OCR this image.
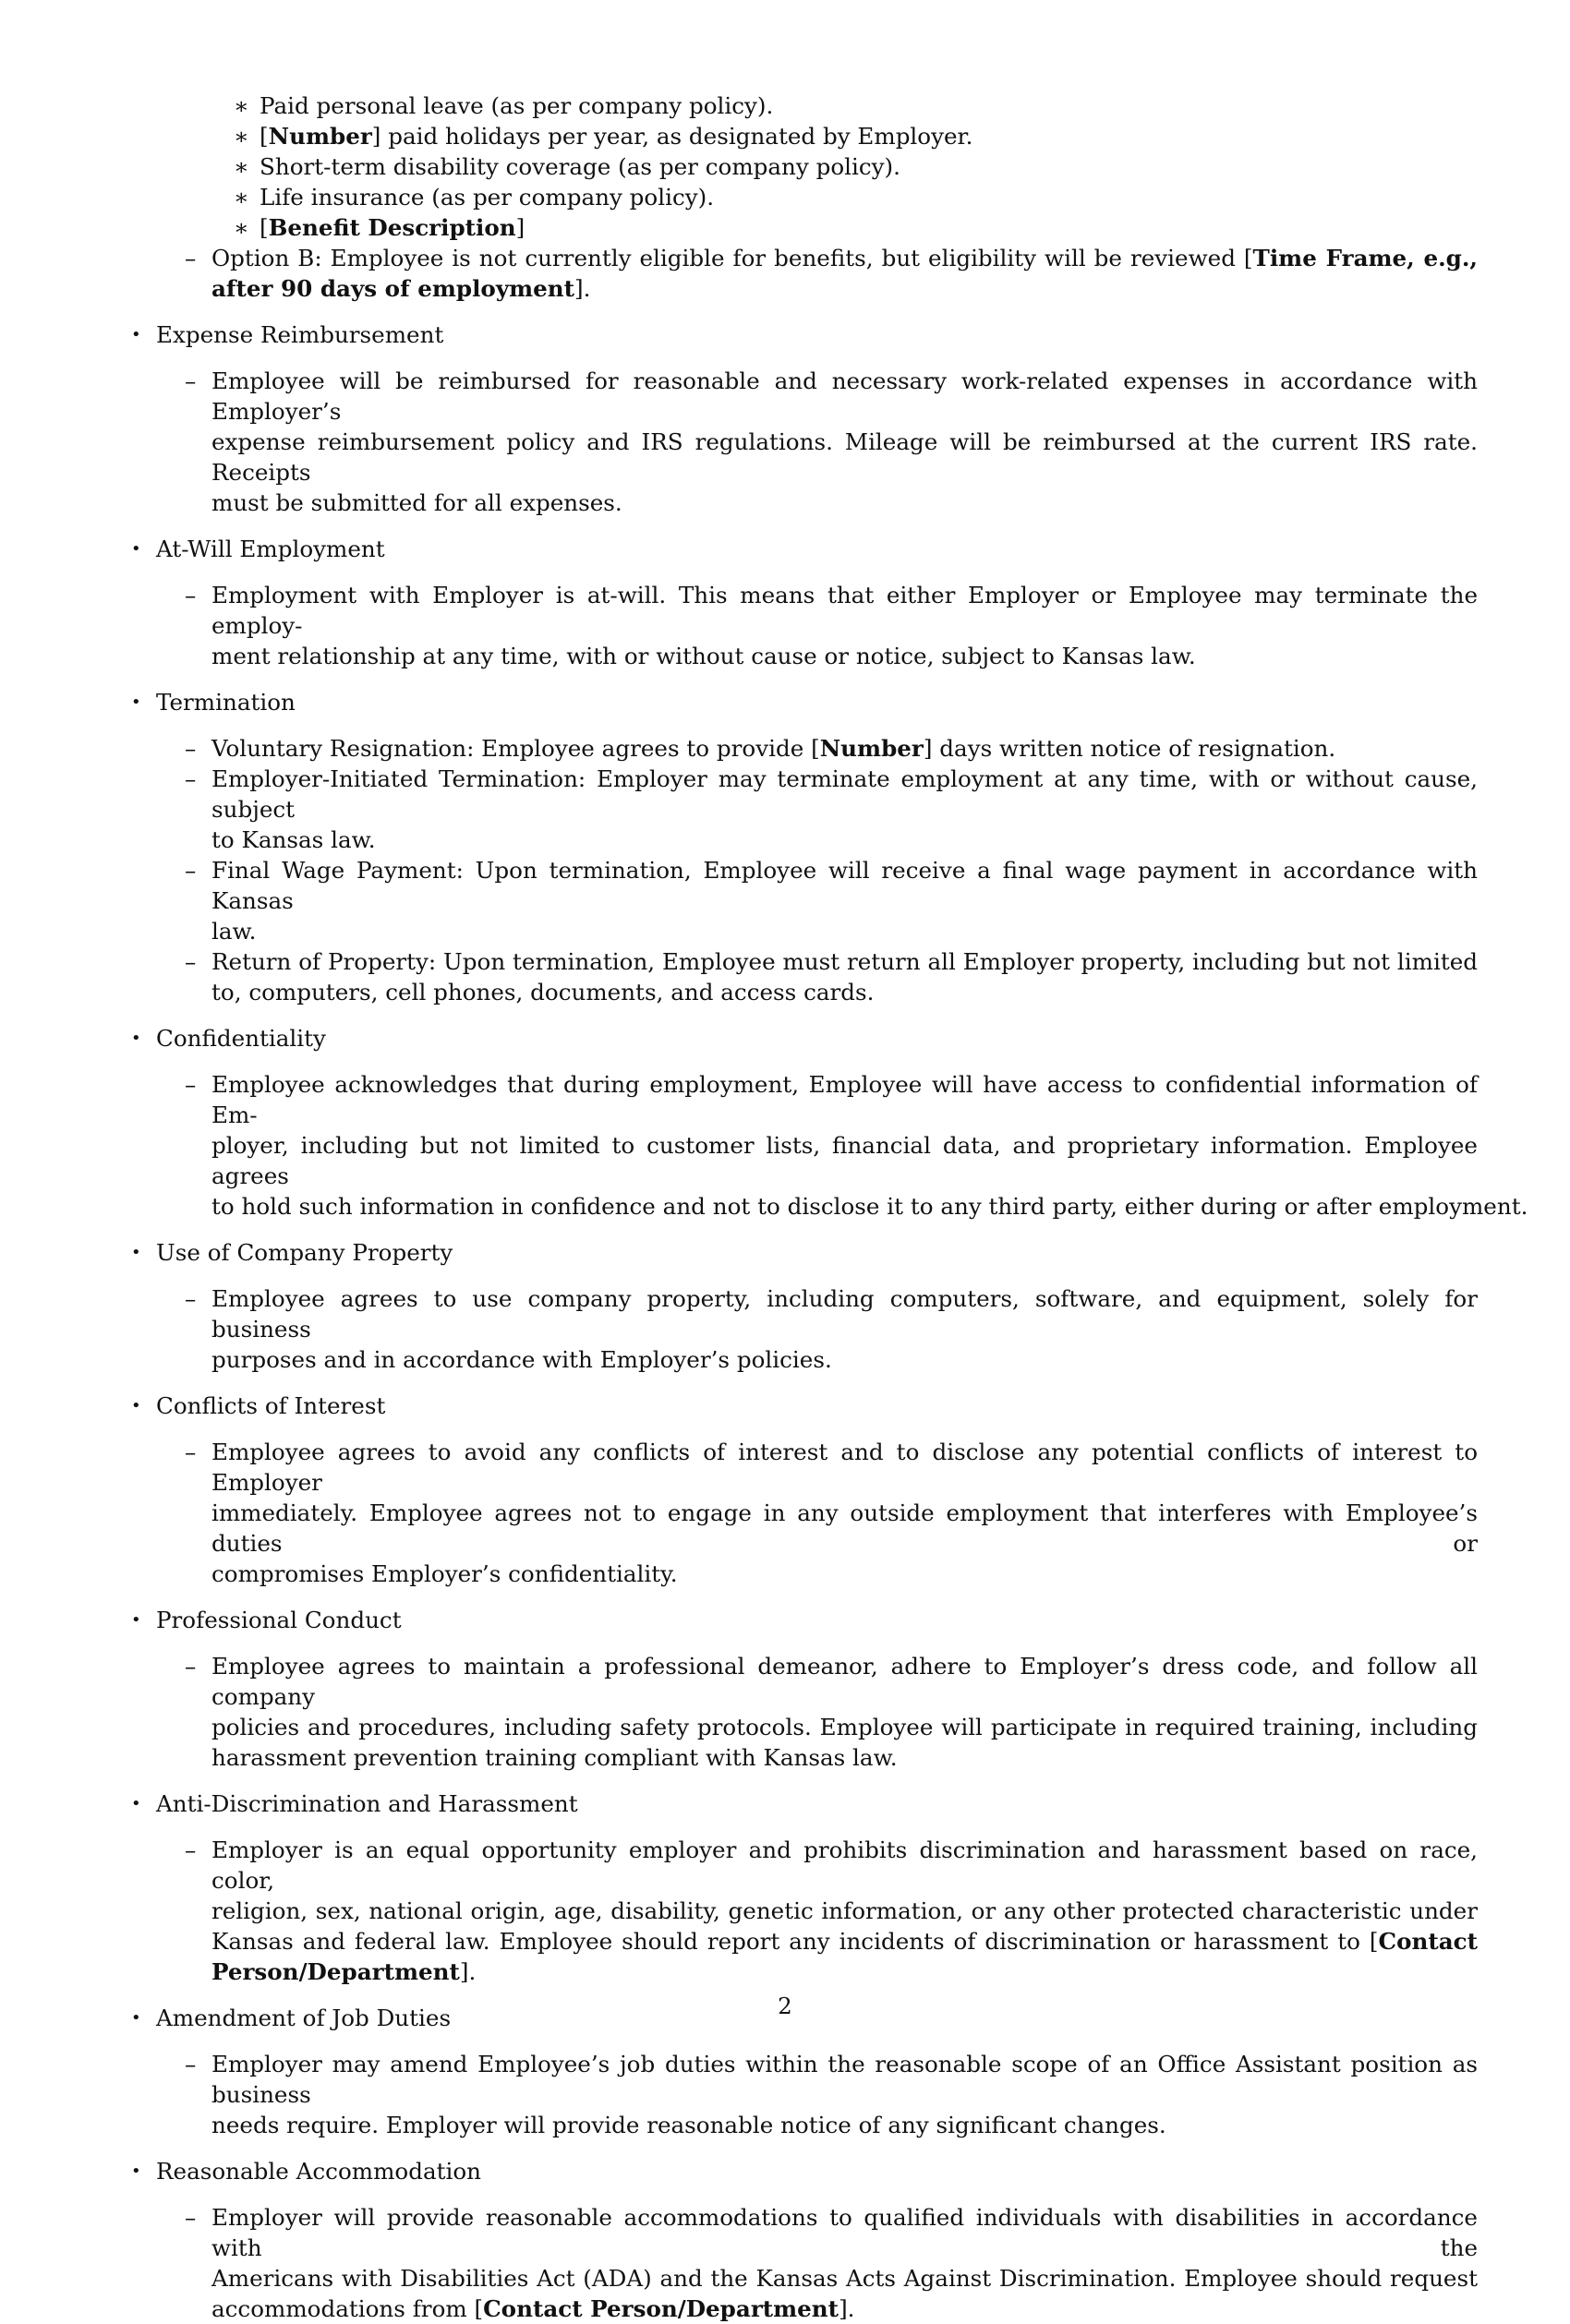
∗ Paid personal leave (as per company policy).
∗ [Number] paid holidays per year, as designated by Employer.
∗ Short-term disability coverage (as per company policy).
∗ Life insurance (as per company policy).
∗ [Benefit Description]
– Option B: Employee is not currently eligible for benefits, but eligibility will be reviewed [Time Frame, e.g.,
after 90 days of employment].
• Expense Reimbursement
– Employee will be reimbursed for reasonable and necessary work-related expenses in accordance with Employer’s
expense reimbursement policy and IRS regulations. Mileage will be reimbursed at the current IRS rate. Receipts
must be submitted for all expenses.
• At-Will Employment
– Employment with Employer is at-will. This means that either Employer or Employee may terminate the employ-
ment relationship at any time, with or without cause or notice, subject to Kansas law.
• Termination
– Voluntary Resignation: Employee agrees to provide [Number] days written notice of resignation.
– Employer-Initiated Termination: Employer may terminate employment at any time, with or without cause, subject
to Kansas law.
– Final Wage Payment: Upon termination, Employee will receive a final wage payment in accordance with Kansas
law.
– Return of Property: Upon termination, Employee must return all Employer property, including but not limited
to, computers, cell phones, documents, and access cards.
• Confidentiality
– Employee acknowledges that during employment, Employee will have access to confidential information of Em-
ployer, including but not limited to customer lists, financial data, and proprietary information. Employee agrees
to hold such information in confidence and not to disclose it to any third party, either during or after employment.
• Use of Company Property
– Employee agrees to use company property, including computers, software, and equipment, solely for business
purposes and in accordance with Employer’s policies.
• Conflicts of Interest
– Employee agrees to avoid any conflicts of interest and to disclose any potential conflicts of interest to Employer
immediately. Employee agrees not to engage in any outside employment that interferes with Employee’s duties or
compromises Employer’s confidentiality.
• Professional Conduct
– Employee agrees to maintain a professional demeanor, adhere to Employer’s dress code, and follow all company
policies and procedures, including safety protocols. Employee will participate in required training, including
harassment prevention training compliant with Kansas law.
• Anti-Discrimination and Harassment
– Employer is an equal opportunity employer and prohibits discrimination and harassment based on race, color,
religion, sex, national origin, age, disability, genetic information, or any other protected characteristic under
Kansas and federal law. Employee should report any incidents of discrimination or harassment to [Contact
Person/Department].
• Amendment of Job Duties
– Employer may amend Employee’s job duties within the reasonable scope of an Office Assistant position as business
needs require. Employer will provide reasonable notice of any significant changes.
• Reasonable Accommodation
– Employer will provide reasonable accommodations to qualified individuals with disabilities in accordance with the
Americans with Disabilities Act (ADA) and the Kansas Acts Against Discrimination. Employee should request
accommodations from [Contact Person/Department].
2
